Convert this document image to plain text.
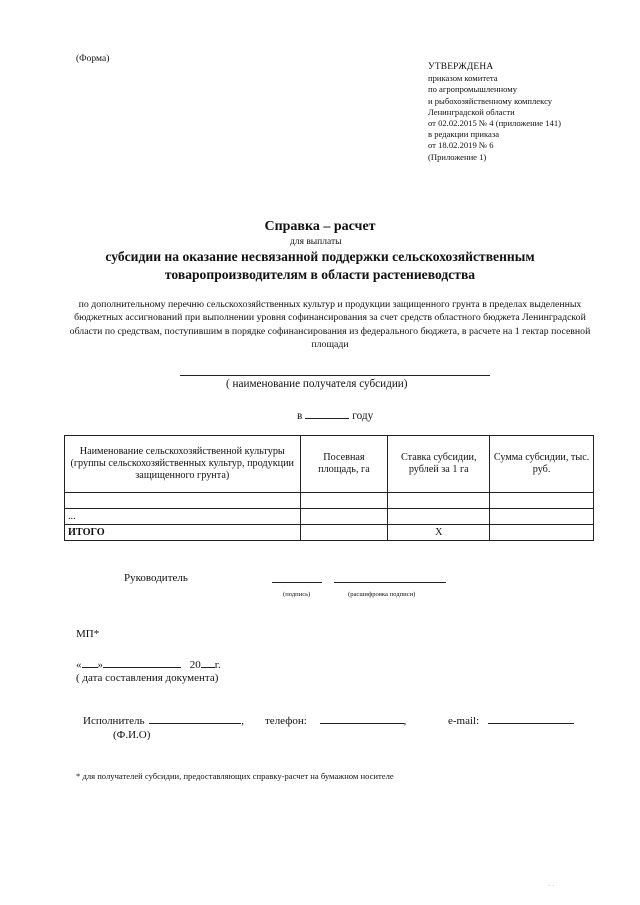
(Форма)
УТВЕРЖДЕНА
приказом комитета
по агропромышленному
и рыбохозяйственному комплексу
Ленинградской области
от 02.02.2015 № 4 (приложение 141)
в редакции приказа
от 18.02.2019 № 6
(Приложение 1)
Справка – расчет
для выплаты
субсидии на оказание несвязанной поддержки сельскохозяйственным
товаропроизводителям в области растениеводства
по дополнительному перечню сельскохозяйственных культур и продукции защищенного грунта в пределах выделенных бюджетных ассигнований при выполнении уровня софинансирования за счет средств областного бюджета Ленинградской области по средствам, поступившим в порядке софинансирования из федерального бюджета, в расчете на 1 гектар посевной площади
( наименование получателя субсидии)
в	году
Наименование сельскохозяйственной культуры (группы сельскохозяйственных культур, продукции защищенного грунта)	Посевная площадь, га	Ставка субсидии, рублей за 1 га	Сумма субсидии, тыс. руб.

...			
ИТОГО		Х	
Руководитель
(подпись)	(расшифровка подписи)
МП*
« »	20 г.
( дата составления документа)
Исполнитель	, телефон:	,	e-mail:
(Ф.И.О)
* для получателей субсидии, предоставляющих справку-расчет на бумажном носителе
· ·
